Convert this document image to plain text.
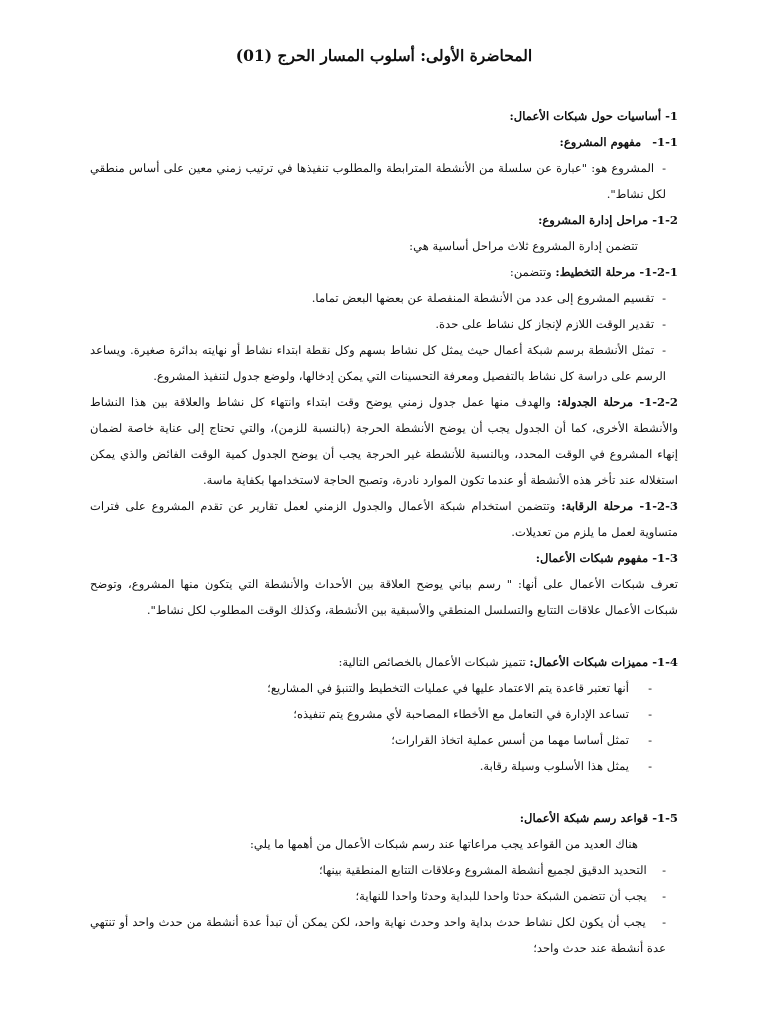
المحاضرة الأولى: أسلوب المسار الحرج (01)
1- أساسيات حول شبكات الأعمال:
1-1-   مفهوم المشروع:
-المشروع هو: "عبارة عن سلسلة من الأنشطة المترابطة والمطلوب تنفيذها في ترتيب زمني معين على أساس منطقي لكل نشاط".
1-2- مراحل إدارة المشروع:
تتضمن إدارة المشروع ثلاث مراحل أساسية هي:
1-2-1- مرحلة التخطيط: وتتضمن:
-تقسيم المشروع إلى عدد من الأنشطة المنفصلة عن بعضها البعض تماما.
-تقدير الوقت اللازم لإنجاز كل نشاط على حدة.
-تمثل الأنشطة برسم شبكة أعمال حيث يمثل كل نشاط بسهم وكل نقطة ابتداء نشاط أو نهايته بدائرة صغيرة. ويساعد الرسم على دراسة كل نشاط بالتفصيل ومعرفة التحسينات التي يمكن إدخالها، ولوضع جدول لتنفيذ المشروع.
1-2-2- مرحلة الجدولة: والهدف منها عمل جدول زمني يوضح وقت ابتداء وانتهاء كل نشاط والعلاقة بين هذا النشاط والأنشطة الأخرى، كما أن الجدول يجب أن يوضح الأنشطة الحرجة (بالنسبة للزمن)، والتي تحتاج إلى عناية خاصة لضمان إنهاء المشروع في الوقت المحدد، وبالنسبة للأنشطة غير الحرجة يجب أن يوضح الجدول كمية الوقت الفائض والذي يمكن استغلاله عند تأخر هذه الأنشطة أو عندما تكون الموارد نادرة، وتصبح الحاجة لاستخدامها بكفاية ماسة.
1-2-3- مرحلة الرقابة: وتتضمن استخدام شبكة الأعمال والجدول الزمني لعمل تقارير عن تقدم المشروع على فترات متساوية لعمل ما يلزم من تعديلات.
1-3- مفهوم شبكات الأعمال:
تعرف شبكات الأعمال على أنها: " رسم بياني يوضح العلاقة بين الأحداث والأنشطة التي يتكون منها المشروع، وتوضح شبكات الأعمال علاقات التتابع والتسلسل المنطقي والأسبقية بين الأنشطة، وكذلك الوقت المطلوب لكل نشاط".
1-4- مميزات شبكات الأعمال: تتميز شبكات الأعمال بالخصائص التالية:
-   أنها تعتبر قاعدة يتم الاعتماد عليها في عمليات التخطيط والتنبؤ في المشاريع؛
-   تساعد الإدارة في التعامل مع الأخطاء المصاحبة لأي مشروع يتم تنفيذه؛
-   تمثل أساسا مهما من أسس عملية اتخاذ القرارات؛
-   يمثل هذا الأسلوب وسيلة رقابة.
1-5- قواعد رسم شبكة الأعمال:
هناك العديد من القواعد يجب مراعاتها عند رسم شبكات الأعمال من أهمها ما يلي:
-  التحديد الدقيق لجميع أنشطة المشروع وعلاقات التتابع المنطقية بينها؛
-  يجب أن تتضمن الشبكة حدثا واحدا للبداية وحدثا واحدا للنهاية؛
-  يجب أن يكون لكل نشاط حدث بداية واحد وحدث نهاية واحد، لكن يمكن أن تبدأ عدة أنشطة من حدث واحد أو تنتهي عدة أنشطة عند حدث واحد؛
